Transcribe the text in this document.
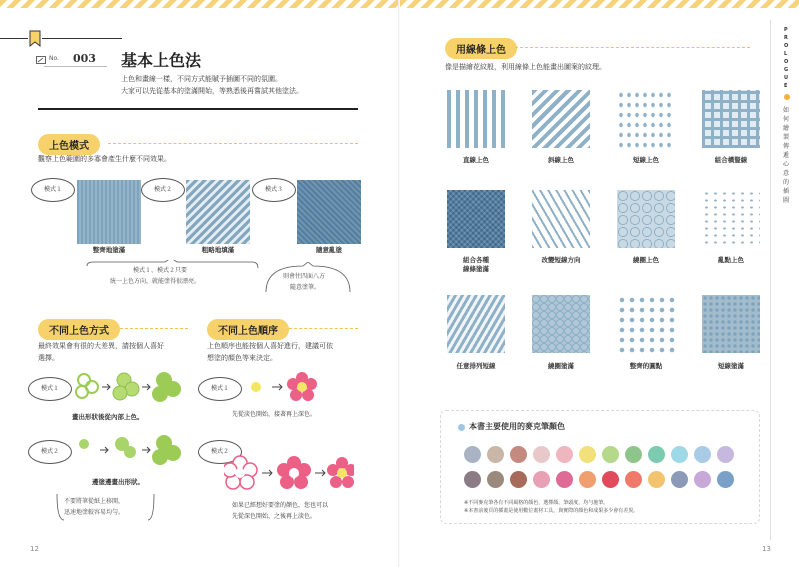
No. 003 基本上色法
上色和畫線一樣，不同方式能賦予插圖不同的氛圍。
大家可以先從基本的塗滿開始，等熟悉後再嘗試其他塗法。
上色模式
觀察上色範圍的多寡會產生什麼不同效果。
模式１
整齊地塗滿
模式２
粗略地填滿
模式３
隨意亂塗
模式１、模式２只要
統一上色方向，就能塗得很漂亮。
則會往四面八方
隨意塗筆。
不同上色方式
最終效果會有很的大差異，請按個人喜好
選擇。
模式１
畫出形狀後從內部上色。
模式２
邊塗邊畫出形狀。
不要將筆從紙上移開，
迅速地塗較容易均勻。
不同上色順序
上色順序也能按個人喜好進行，建議可依
想塗的顏色等來決定。
模式１
先從淡色開始，接著再上深色。
模式２
如果已經想好要塗的顏色，您也可以
先從深色開始，之後再上淡色。
12
用線條上色
像是描繪花紋般，利用線條上色能畫出圖案的紋理。
直線上色	斜線上色	短線上色	組合橫豎線
組合各種
線條塗滿
改變短線方向	繞圈上色	亂點上色
任意排列短線	繞圈塗滿	整齊的圓點	短線塗滿
本書主要使用的麥克筆顏色
※不同麥克筆各有不同風格的顏色，選擇顏、筆頭度，均勻施筆。
※本書前後頁的插畫是使用數位畫材工具，與實際的顏色和成果多少會有差異。
PROLOGUE
如何繪製傳遞心意的插圖
13
